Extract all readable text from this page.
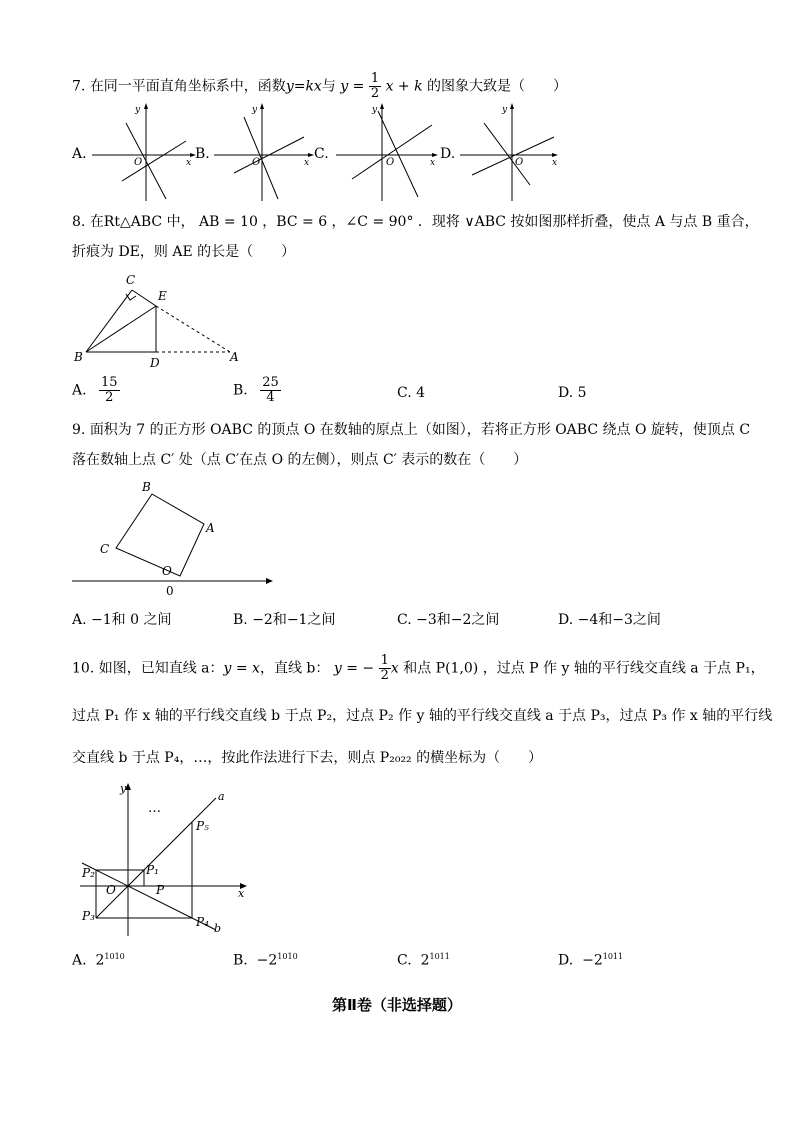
7. 在同一平面直角坐标系中，函数y=kx与 $y = \frac{1}{2}$ x + k 的图象大致是（　　）
A.
y
x
O
B.
y
x
O
C.
y
x
O
D.
y
x
O
8. 在Rt△ABC 中， AB = 10 ，BC = 6 ，∠C = 90° ．现将 ∨ABC 按如图那样折叠，使点 A 与点 B 重合，
折痕为 DE，则 AE 的长是（　　）
C
E
B	D	A
A. $\frac{15}{2}$	B. $\frac{25}{4}$	C. 4	D. 5
9. 面积为 7 的正方形 OABC 的顶点 O 在数轴的原点上（如图），若将正方形 OABC 绕点 O 旋转，使顶点 C
落在数轴上点 C′ 处（点 C′在点 O 的左侧），则点 C′ 表示的数在（　　）
B
A
C
O
0
A. −1和 0 之间	B. −2和−1之间	C. −3和−2之间	D. −4和−3之间
10. 如图，已知直线 a：y = x，直线 b： y = − $\frac{1}{2}$ x 和点 P(1,0) ，过点 P 作 y 轴的平行线交直线 a 于点 P₁，
过点 P₁ 作 x 轴的平行线交直线 b 于点 P₂，过点 P₂ 作 y 轴的平行线交直线 a 于点 P₃，过点 P₃ 作 x 轴的平行线
交直线 b 于点 P₄，…，按此作法进行下去，则点 P₂₀₂₂ 的横坐标为（　　）
y
x
a
b
…
P₅
P₁
P₂
O	P
P₃	P₄
A. $2^{1010}$	B. $-2^{1010}$	C. $2^{1011}$	D. $-2^{1011}$
第Ⅱ卷（非选择题）
